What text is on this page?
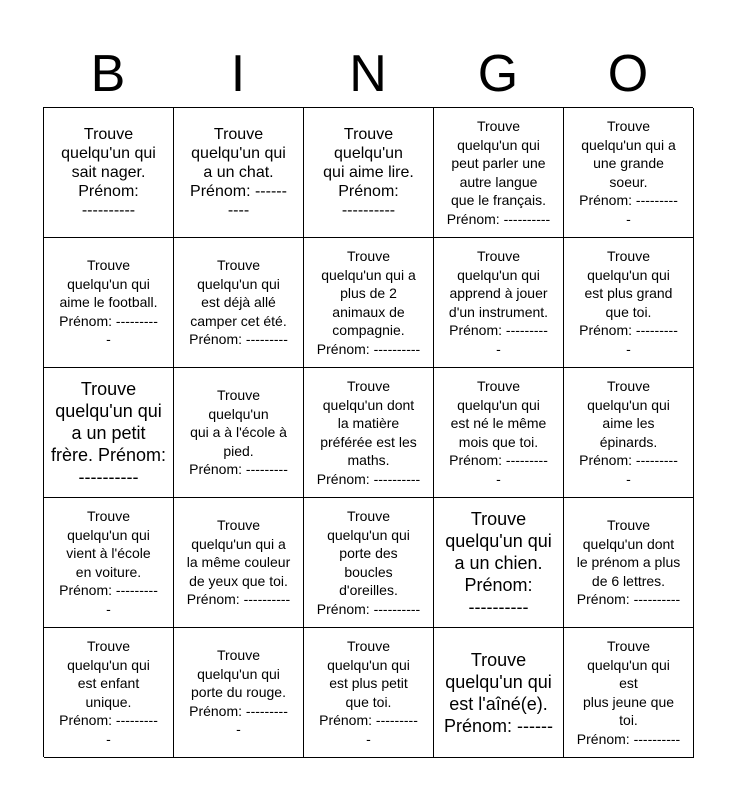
B	I	N	G	O
Trouve
quelqu'un qui
sait nager.
Prénom:
----------
Trouve
quelqu'un qui
a un chat.
Prénom: ------
----
Trouve
quelqu'un
qui aime lire.
Prénom:
----------
Trouve
quelqu'un qui
peut parler une
autre langue
que le français.
Prénom: ----------
Trouve
quelqu'un qui a
une grande
soeur.
Prénom: ---------
-
Trouve
quelqu'un qui
aime le football.
Prénom: ---------
-
Trouve
quelqu'un qui
est déjà allé
camper cet été.
Prénom: ---------
Trouve
quelqu'un qui a
plus de 2
animaux de
compagnie.
Prénom: ----------
Trouve
quelqu'un qui
apprend à jouer
d'un instrument.
Prénom: ---------
-
Trouve
quelqu'un qui
est plus grand
que toi.
Prénom: ---------
-
Trouve
quelqu'un qui
a un petit
frère. Prénom:
----------
Trouve
quelqu'un
qui a à l'école à
pied.
Prénom: ---------
Trouve
quelqu'un dont
la matière
préférée est les
maths.
Prénom: ----------
Trouve
quelqu'un qui
est né le même
mois que toi.
Prénom: ---------
-
Trouve
quelqu'un qui
aime les
épinards.
Prénom: ---------
-
Trouve
quelqu'un qui
vient à l'école
en voiture.
Prénom: ---------
-
Trouve
quelqu'un qui a
la même couleur
de yeux que toi.
Prénom: ----------
Trouve
quelqu'un qui
porte des
boucles
d'oreilles.
Prénom: ----------
Trouve
quelqu'un qui
a un chien.
Prénom:
----------
Trouve
quelqu'un dont
le prénom a plus
de 6 lettres.
Prénom: ----------
Trouve
quelqu'un qui
est enfant
unique.
Prénom: ---------
-
Trouve
quelqu'un qui
porte du rouge.
Prénom: ---------
-
Trouve
quelqu'un qui
est plus petit
que toi.
Prénom: ---------
-
Trouve
quelqu'un qui
est l'aîné(e).
Prénom: ------
Trouve
quelqu'un qui
est
plus jeune que
toi.
Prénom: ----------
